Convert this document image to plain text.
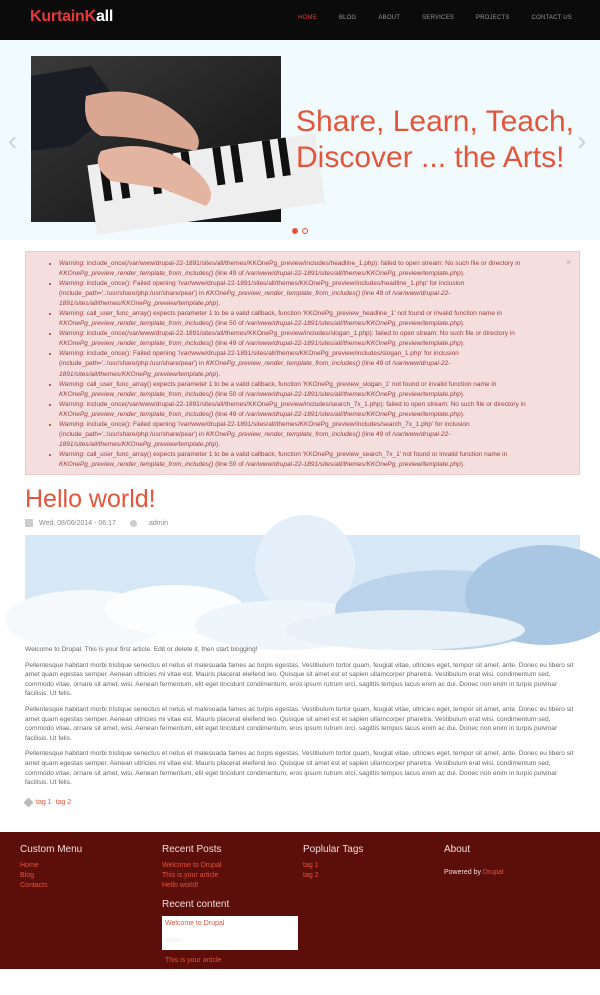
KurtainKall	HOME	BLOG	ABOUT	SERVICES	PROJECTS	CONTACT US
‹
Share, Learn, Teach, Discover ... the Arts!
›
×
• Warning: include_once(/var/www/drupal-22-1891/sites/all/themes/KKOnePg_preview/includes/headline_1.php): failed to open stream: No such file or directory in KKOnePg_preview_render_template_from_includes() (line 49 of /var/www/drupal-22-1891/sites/all/themes/KKOnePg_preview/template.php).
• Warning: include_once(): Failed opening '/var/www/drupal-22-1891/sites/all/themes/KKOnePg_preview/includes/headline_1.php' for inclusion (include_path='.:/usr/share/php:/usr/share/pear') in KKOnePg_preview_render_template_from_includes() (line 49 of /var/www/drupal-22-1891/sites/all/themes/KKOnePg_preview/template.php).
• Warning: call_user_func_array() expects parameter 1 to be a valid callback, function 'KKOnePg_preview_headline_1' not found or invalid function name in KKOnePg_preview_render_template_from_includes() (line 50 of /var/www/drupal-22-1891/sites/all/themes/KKOnePg_preview/template.php).
• Warning: include_once(/var/www/drupal-22-1891/sites/all/themes/KKOnePg_preview/includes/slogan_1.php): failed to open stream: No such file or directory in KKOnePg_preview_render_template_from_includes() (line 49 of /var/www/drupal-22-1891/sites/all/themes/KKOnePg_preview/template.php).
• Warning: include_once(): Failed opening '/var/www/drupal-22-1891/sites/all/themes/KKOnePg_preview/includes/slogan_1.php' for inclusion (include_path='.:/usr/share/php:/usr/share/pear') in KKOnePg_preview_render_template_from_includes() (line 49 of /var/www/drupal-22-1891/sites/all/themes/KKOnePg_preview/template.php).
• Warning: call_user_func_array() expects parameter 1 to be a valid callback, function 'KKOnePg_preview_slogan_1' not found or invalid function name in KKOnePg_preview_render_template_from_includes() (line 50 of /var/www/drupal-22-1891/sites/all/themes/KKOnePg_preview/template.php).
• Warning: include_once(/var/www/drupal-22-1891/sites/all/themes/KKOnePg_preview/includes/search_7x_1.php): failed to open stream: No such file or directory in KKOnePg_preview_render_template_from_includes() (line 49 of /var/www/drupal-22-1891/sites/all/themes/KKOnePg_preview/template.php).
• Warning: include_once(): Failed opening '/var/www/drupal-22-1891/sites/all/themes/KKOnePg_preview/includes/search_7x_1.php' for inclusion (include_path='.:/usr/share/php:/usr/share/pear') in KKOnePg_preview_render_template_from_includes() (line 49 of /var/www/drupal-22-1891/sites/all/themes/KKOnePg_preview/template.php).
• Warning: call_user_func_array() expects parameter 1 to be a valid callback, function 'KKOnePg_preview_search_7x_1' not found or invalid function name in KKOnePg_preview_render_template_from_includes() (line 50 of /var/www/drupal-22-1891/sites/all/themes/KKOnePg_preview/template.php).
Hello world!
Wed, 08/06/2014 - 06:17	admin

Welcome to Drupal. This is your first article. Edit or delete it, then start blogging!

Pellentesque habitant morbi tristique senectus et netus et malesuada fames ac turpis egestas. Vestibulum tortor quam, feugiat vitae, ultricies eget, tempor sit amet, ante. Donec eu libero sit amet quam egestas semper. Aenean ultricies mi vitae est. Mauris placerat eleifend leo. Quisque sit amet est et sapien ullamcorper pharetra. Vestibulum erat wisi, condimentum sed, commodo vitae, ornare sit amet, wisi. Aenean fermentum, elit eget tincidunt condimentum, eros ipsum rutrum orci, sagittis tempus lacus enim ac dui. Donec non enim in turpis pulvinar facilisis. Ut felis.

Pellentesque habitant morbi tristique senectus et netus et malesuada fames ac turpis egestas. Vestibulum tortor quam, feugiat vitae, ultricies eget, tempor sit amet, ante. Donec eu libero sit amet quam egestas semper. Aenean ultricies mi vitae est. Mauris placerat eleifend leo. Quisque sit amet est et sapien ullamcorper pharetra. Vestibulum erat wisi, condimentum sed, commodo vitae, ornare sit amet, wisi. Aenean fermentum, elit eget tincidunt condimentum, eros ipsum rutrum orci, sagittis tempus lacus enim ac dui. Donec non enim in turpis pulvinar facilisis. Ut felis.

Pellentesque habitant morbi tristique senectus et netus et malesuada fames ac turpis egestas. Vestibulum tortor quam, feugiat vitae, ultricies eget, tempor sit amet, ante. Donec eu libero sit amet quam egestas semper. Aenean ultricies mi vitae est. Mauris placerat eleifend leo. Quisque sit amet est et sapien ullamcorper pharetra. Vestibulum erat wisi, condimentum sed, commodo vitae, ornare sit amet, wisi. Aenean fermentum, elit eget tincidunt condimentum, eros ipsum rutrum orci, sagittis tempus lacus enim ac dui. Donec non enim in turpis pulvinar facilisis. Ut felis.

tag 1 tag 2
Custom Menu
Home
Blog
Contacts
Recent Posts
Welcome to Drupal
This is your article
Hello world!
Recent content
Welcome to Drupal
admin
This is your article
admin
Poplular Tags
tag 1
tag 2
About
Powered by Drupal
